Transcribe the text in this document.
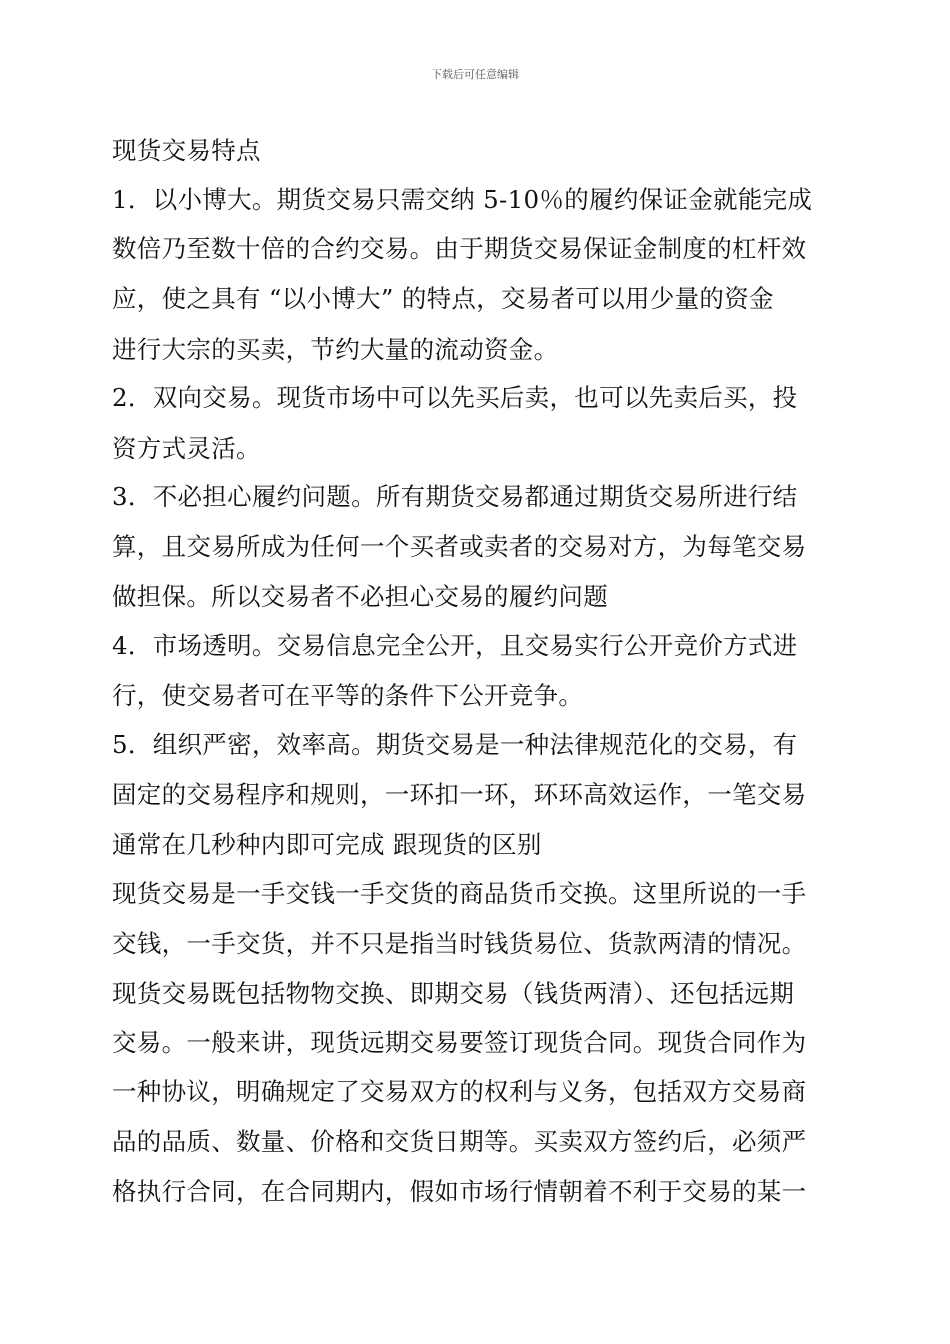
下载后可任意编辑
现货交易特点
1．以小博大。期货交易只需交纳 5-10％的履约保证金就能完成
数倍乃至数十倍的合约交易。由于期货交易保证金制度的杠杆效
应，使之具有 “以小博大” 的特点，交易者可以用少量的资金
进行大宗的买卖，节约大量的流动资金。
2．双向交易。现货市场中可以先买后卖，也可以先卖后买，投
资方式灵活。
3．不必担心履约问题。所有期货交易都通过期货交易所进行结
算，且交易所成为任何一个买者或卖者的交易对方，为每笔交易
做担保。所以交易者不必担心交易的履约问题
4．市场透明。交易信息完全公开，且交易实行公开竞价方式进
行，使交易者可在平等的条件下公开竞争。
5．组织严密，效率高。期货交易是一种法律规范化的交易，有
固定的交易程序和规则，一环扣一环，环环高效运作，一笔交易
通常在几秒种内即可完成 跟现货的区别
现货交易是一手交钱一手交货的商品货币交换。这里所说的一手
交钱，一手交货，并不只是指当时钱货易位、货款两清的情况。
现货交易既包括物物交换、即期交易（钱货两清）、还包括远期
交易。一般来讲，现货远期交易要签订现货合同。现货合同作为
一种协议，明确规定了交易双方的权利与义务，包括双方交易商
品的品质、数量、价格和交货日期等。买卖双方签约后，必须严
格执行合同，在合同期内，假如市场行情朝着不利于交易的某一
